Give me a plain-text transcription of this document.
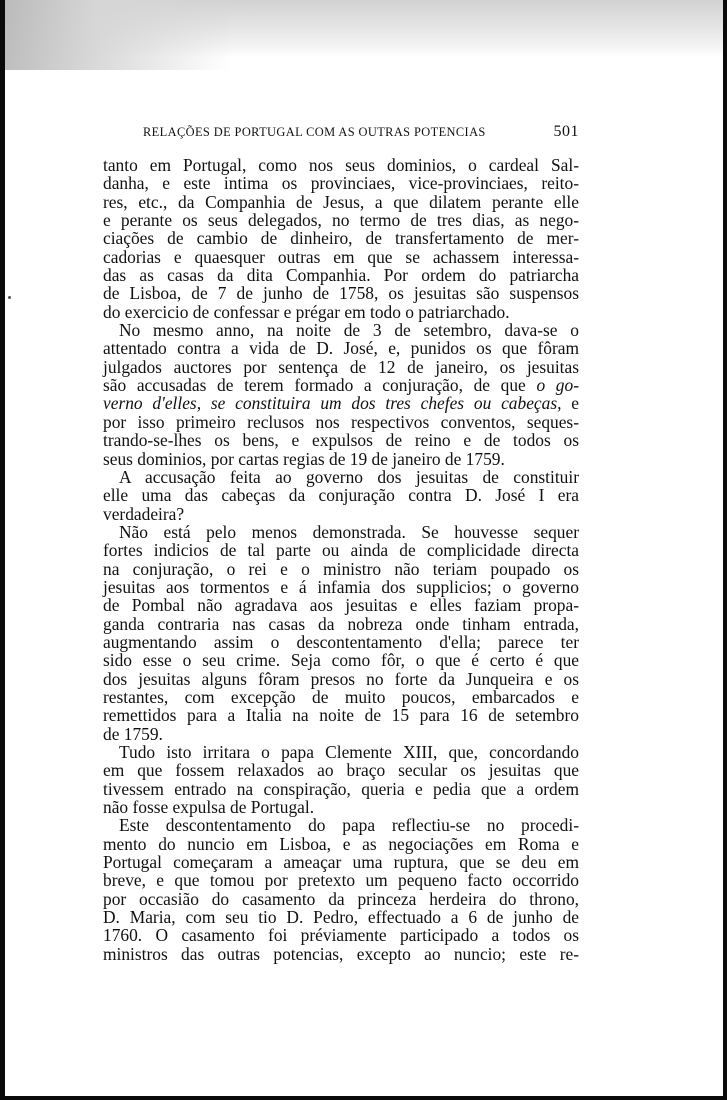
RELAÇÕES DE PORTUGAL COM AS OUTRAS POTENCIAS	501
tanto em Portugal, como nos seus dominios, o cardeal Sal-
danha, e este intima os provinciaes, vice-provinciaes, reito-
res, etc., da Companhia de Jesus, a que dilatem perante elle
e perante os seus delegados, no termo de tres dias, as nego-
ciações de cambio de dinheiro, de transfertamento de mer-
cadorias e quaesquer outras em que se achassem interessa-
das as casas da dita Companhia. Por ordem do patriarcha
de Lisboa, de 7 de junho de 1758, os jesuitas são suspensos
do exercicio de confessar e prégar em todo o patriarchado.
No mesmo anno, na noite de 3 de setembro, dava-se o
attentado contra a vida de D. José, e, punidos os que fôram
julgados auctores por sentença de 12 de janeiro, os jesuitas
são accusadas de terem formado a conjuração, de que o go-
verno d'elles, se constituira um dos tres chefes ou cabeças, e
por isso primeiro reclusos nos respectivos conventos, seques-
trando-se-lhes os bens, e expulsos de reino e de todos os
seus dominios, por cartas regias de 19 de janeiro de 1759.
A accusação feita ao governo dos jesuitas de constituir
elle uma das cabeças da conjuração contra D. José I era
verdadeira?
Não está pelo menos demonstrada. Se houvesse sequer
fortes indicios de tal parte ou ainda de complicidade directa
na conjuração, o rei e o ministro não teriam poupado os
jesuitas aos tormentos e á infamia dos supplicios; o governo
de Pombal não agradava aos jesuitas e elles faziam propa-
ganda contraria nas casas da nobreza onde tinham entrada,
augmentando assim o descontentamento d'ella; parece ter
sido esse o seu crime. Seja como fôr, o que é certo é que
dos jesuitas alguns fôram presos no forte da Junqueira e os
restantes, com excepção de muito poucos, embarcados e
remettidos para a Italia na noite de 15 para 16 de setembro
de 1759.
Tudo isto irritara o papa Clemente XIII, que, concordando
em que fossem relaxados ao braço secular os jesuitas que
tivessem entrado na conspiração, queria e pedia que a ordem
não fosse expulsa de Portugal.
Este descontentamento do papa reflectiu-se no procedi-
mento do nuncio em Lisboa, e as negociações em Roma e
Portugal começaram a ameaçar uma ruptura, que se deu em
breve, e que tomou por pretexto um pequeno facto occorrido
por occasião do casamento da princeza herdeira do throno,
D. Maria, com seu tio D. Pedro, effectuado a 6 de junho de
1760. O casamento foi préviamente participado a todos os
ministros das outras potencias, excepto ao nuncio; este re-
